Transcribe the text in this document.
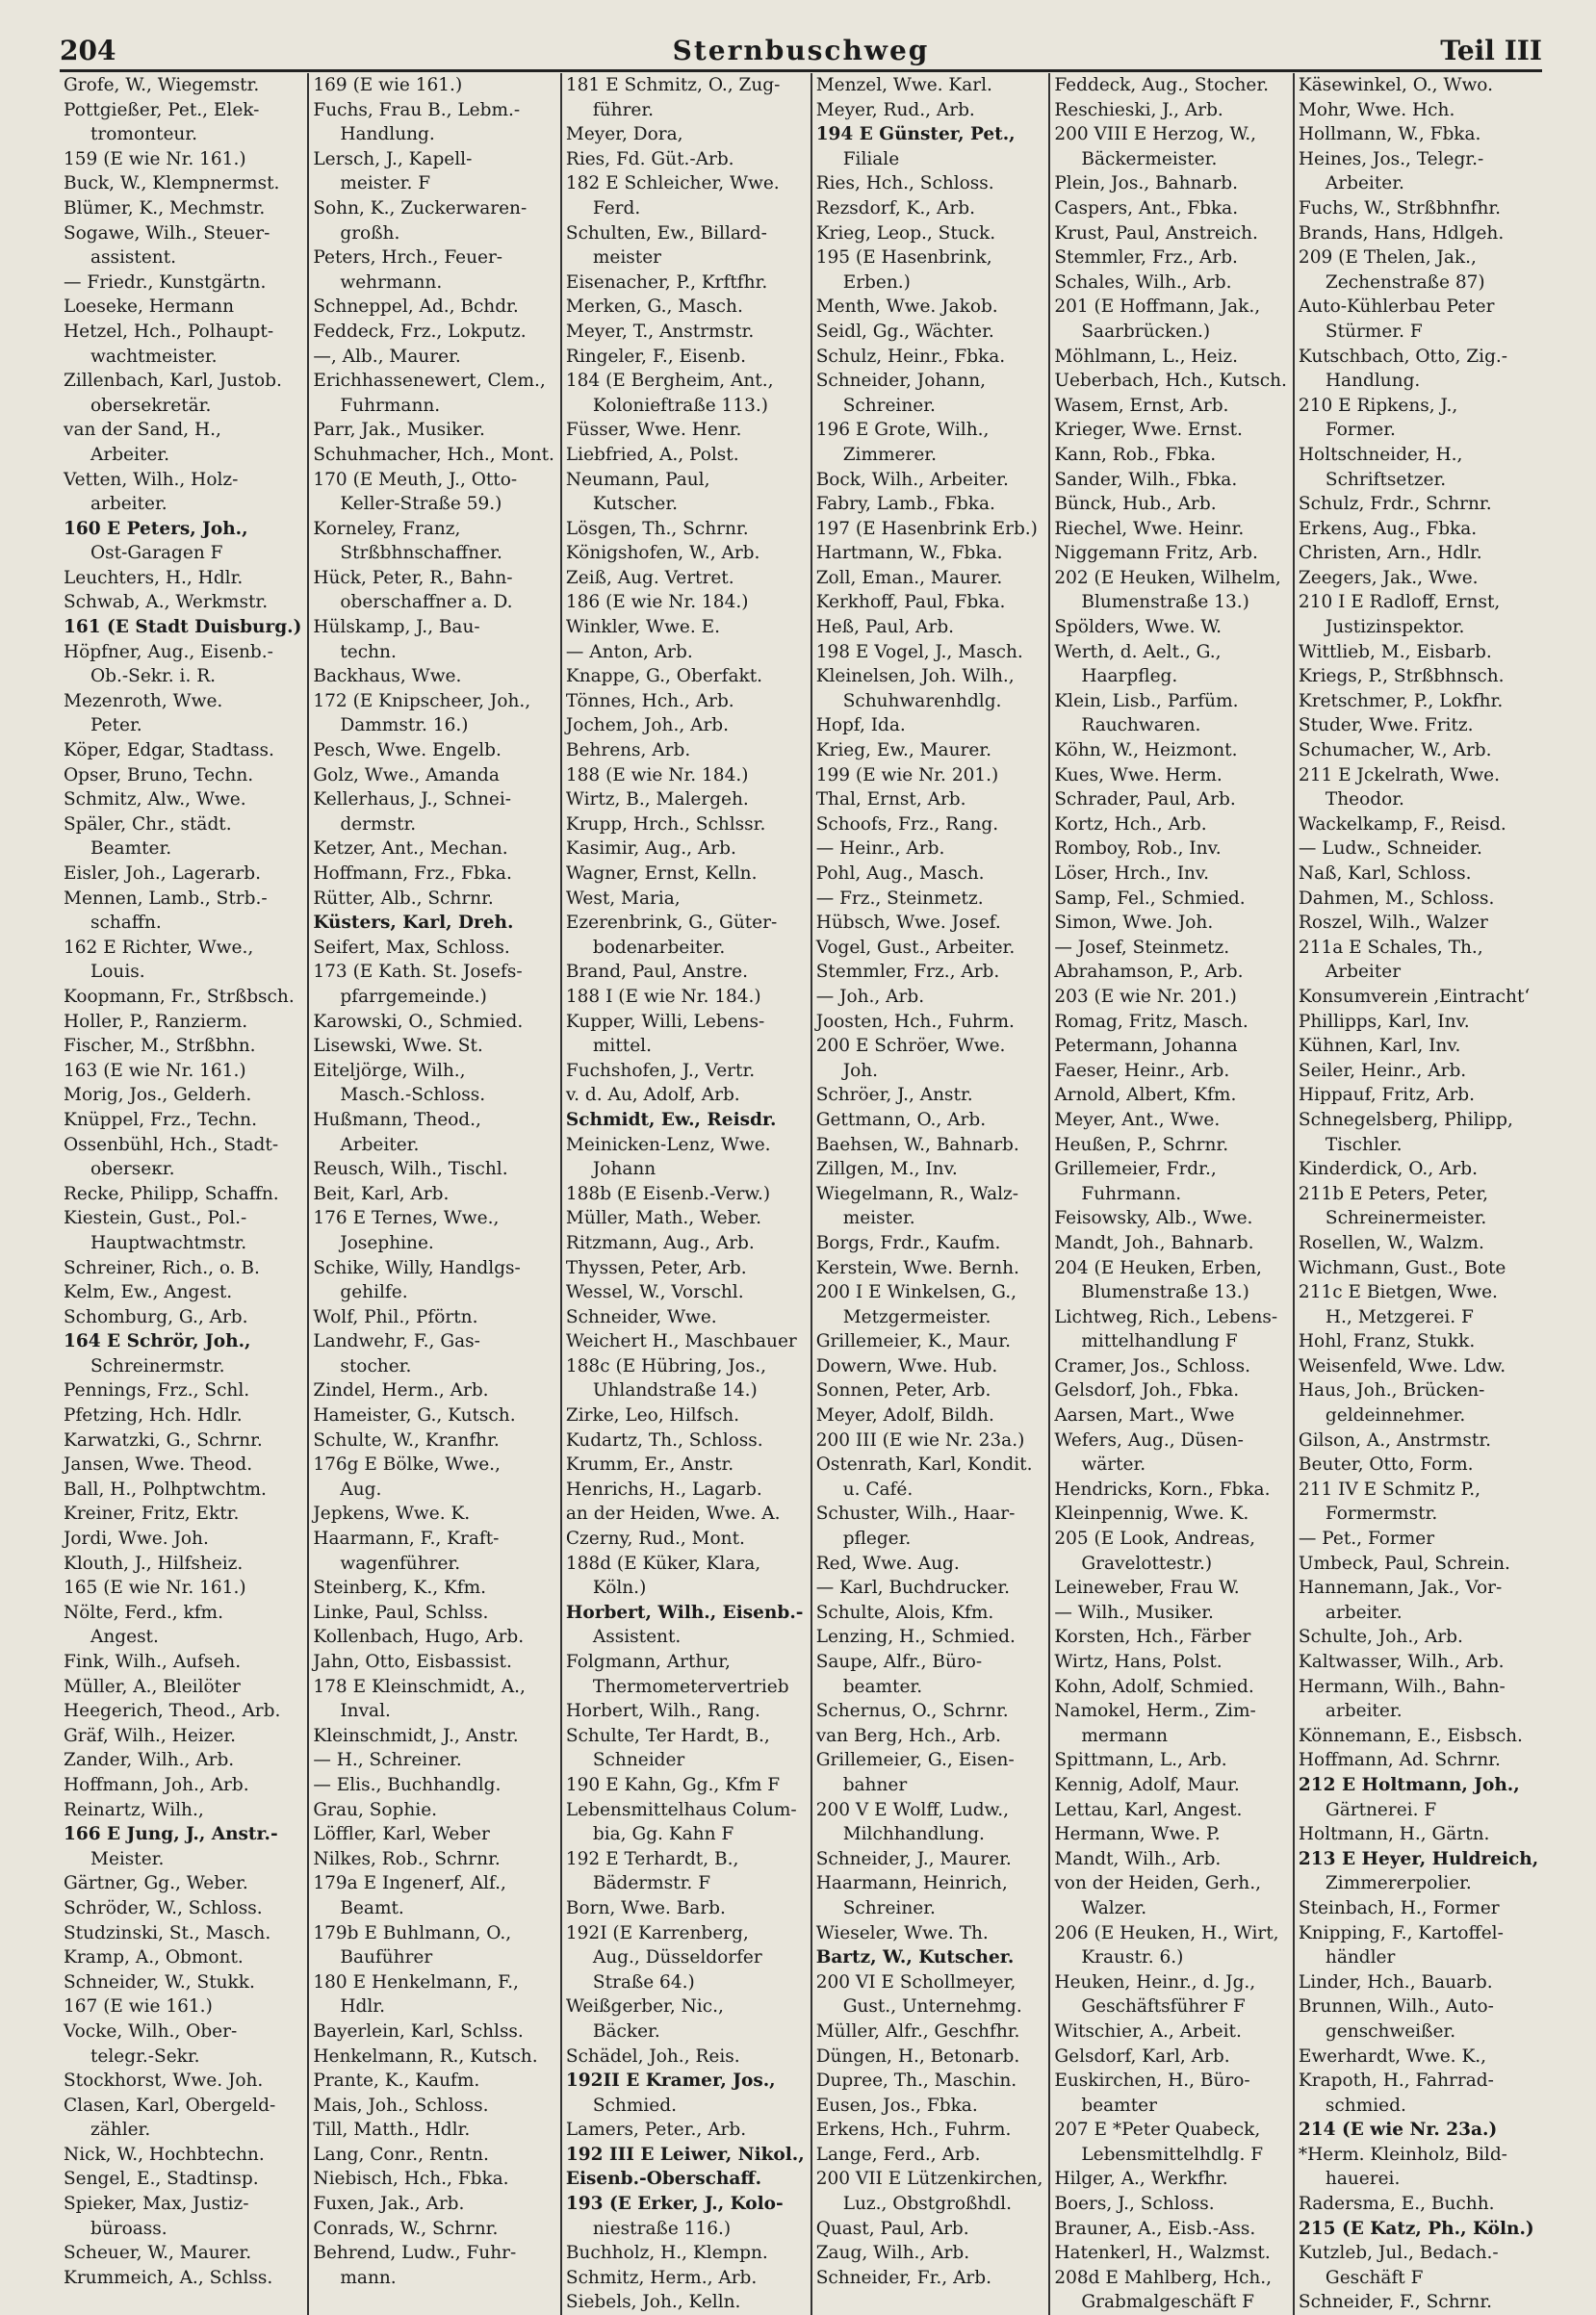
204	Sternbuschweg	Teil III
Grofe, W., Wiegemstr.
Pottgießer, Pet., Elek-
tromonteur.
159 (E wie Nr. 161.)
Buck, W., Klempnermst.
Blümer, K., Mechmstr.
Sogawe, Wilh., Steuer-
assistent.
— Friedr., Kunstgärtn.
Loeseke, Hermann
Hetzel, Hch., Polhaupt-
wachtmeister.
Zillenbach, Karl, Justob.
obersekretär.
van der Sand, H.,
Arbeiter.
Vetten, Wilh., Holz-
arbeiter.
160 E Peters, Joh.,
Ost-Garagen F
Leuchters, H., Hdlr.
Schwab, A., Werkmstr.
161 (E Stadt Duisburg.)
Höpfner, Aug., Eisenb.-
Ob.-Sekr. i. R.
Mezenroth, Wwe.
Peter.
Köper, Edgar, Stadtass.
Opser, Bruno, Techn.
Schmitz, Alw., Wwe.
Späler, Chr., städt.
Beamter.
Eisler, Joh., Lagerarb.
Mennen, Lamb., Strb.-
schaffn.
162 E Richter, Wwe.,
Louis.
Koopmann, Fr., Strßbsch.
Holler, P., Ranzierm.
Fischer, M., Strßbhn.
163 (E wie Nr. 161.)
Morig, Jos., Gelderh.
Knüppel, Frz., Techn.
Ossenbühl, Hch., Stadt-
oberseкr.
Recke, Philipp, Schaffn.
Kiestein, Gust., Pol.-
Hauptwachtmstr.
Schreiner, Rich., o. B.
Kelm, Ew., Angest.
Schomburg, G., Arb.
164 E Schrör, Joh.,
Schreinermstr.
Pennings, Frz., Schl.
Pfetzing, Hch. Hdlr.
Karwatzki, G., Schrnr.
Jansen, Wwe. Theod.
Ball, H., Polhptwchtm.
Kreiner, Fritz, Ektr.
Jordi, Wwe. Joh.
Klouth, J., Hilfsheiz.
165 (E wie Nr. 161.)
Nölte, Ferd., kfm.
Angest.
Fink, Wilh., Aufseh.
Müller, A., Bleilöter
Heegerich, Theod., Arb.
Gräf, Wilh., Heizer.
Zander, Wilh., Arb.
Hoffmann, Joh., Arb.
Reinartz, Wilh.,
166 E Jung, J., Anstr.-
Meister.
Gärtner, Gg., Weber.
Schröder, W., Schloss.
Studzinski, St., Masch.
Kramp, A., Obmont.
Schneider, W., Stukk.
167 (E wie 161.)
Vocke, Wilh., Ober-
telegr.-Sekr.
Stockhorst, Wwe. Joh.
Clasen, Karl, Obergeld-
zähler.
Nick, W., Hochbtechn.
Sengel, E., Stadtinsp.
Spieker, Max, Justiz-
büroass.
Scheuer, W., Maurer.
Krummeich, A., Schlss.
169 (E wie 161.)
Fuchs, Frau B., Lebm.-
Handlung.
Lersch, J., Kapell-
meister. F
Sohn, K., Zuckerwaren-
großh.
Peters, Hrch., Feuer-
wehrmann.
Schneppel, Ad., Bchdr.
Feddeck, Frz., Lokputz.
—, Alb., Maurer.
Erichhassenewert, Clem.,
Fuhrmann.
Parr, Jak., Musiker.
Schuhmacher, Hch., Mont.
170 (E Meuth, J., Otto-
Keller-Straße 59.)
Korneley, Franz,
Strßbhnschaffner.
Hück, Peter, R., Bahn-
oberschaffner a. D.
Hülskamp, J., Bau-
techn.
Backhaus, Wwe.
172 (E Knipscheer, Joh.,
Dammstr. 16.)
Pesch, Wwe. Engelb.
Golz, Wwe., Amanda
Kellerhaus, J., Schnei-
dermstr.
Ketzer, Ant., Mechan.
Hoffmann, Frz., Fbka.
Rütter, Alb., Schrnr.
Küsters, Karl, Dreh.
Seifert, Max, Schloss.
173 (E Kath. St. Josefs-
pfarrgemeinde.)
Karowski, O., Schmied.
Lisewski, Wwe. St.
Eiteljörge, Wilh.,
Masch.-Schloss.
Hußmann, Theod.,
Arbeiter.
Reusch, Wilh., Tischl.
Beit, Karl, Arb.
176 E Ternes, Wwe.,
Josephine.
Schike, Willy, Handlgs-
gehilfe.
Wolf, Phil., Pförtn.
Landwehr, F., Gas-
stocher.
Zindel, Herm., Arb.
Hameister, G., Kutsch.
Schulte, W., Kranfhr.
176g E Bölke, Wwe.,
Aug.
Jepkens, Wwe. K.
Haarmann, F., Kraft-
wagenführer.
Steinberg, K., Kfm.
Linke, Paul, Schlss.
Kollenbach, Hugo, Arb.
Jahn, Otto, Eisbassist.
178 E Kleinschmidt, A.,
Inval.
Kleinschmidt, J., Anstr.
— H., Schreiner.
— Elis., Buchhandlg.
Grau, Sophie.
Löffler, Karl, Weber
Nilkes, Rob., Schrnr.
179a E Ingenerf, Alf.,
Beamt.
179b E Buhlmann, O.,
Bauführer
180 E Henkelmann, F.,
Hdlr.
Bayerlein, Karl, Schlss.
Henkelmann, R., Kutsch.
Prante, K., Kaufm.
Mais, Joh., Schloss.
Till, Matth., Hdlr.
Lang, Conr., Rentn.
Niebisch, Hch., Fbka.
Fuxen, Jak., Arb.
Conrads, W., Schrnr.
Behrend, Ludw., Fuhr-
mann.
181 E Schmitz, O., Zug-
führer.
Meyer, Dora,
Ries, Fd. Güt.-Arb.
182 E Schleicher, Wwe.
Ferd.
Schulten, Ew., Billard-
meister
Eisenacher, P., Krftfhr.
Merken, G., Masch.
Meyer, T., Anstrmstr.
Ringeler, F., Eisenb.
184 (E Bergheim, Ant.,
Kolonieftraße 113.)
Füsser, Wwe. Henr.
Liebfried, A., Polst.
Neumann, Paul,
Kutscher.
Lösgen, Th., Schrnr.
Königshofen, W., Arb.
Zeiß, Aug. Vertret.
186 (E wie Nr. 184.)
Winkler, Wwe. E.
— Anton, Arb.
Knappe, G., Oberfakt.
Tönnes, Hch., Arb.
Jochem, Joh., Arb.
Behrens, Arb.
188 (E wie Nr. 184.)
Wirtz, B., Malergeh.
Krupp, Hrch., Schlssr.
Kasimir, Aug., Arb.
Wagner, Ernst, Kelln.
West, Maria,
Ezerenbrink, G., Güter-
bodenarbeiter.
Brand, Paul, Anstre.
188 I (E wie Nr. 184.)
Kupper, Willi, Lebens-
mittel.
Fuchshofen, J., Vertr.
v. d. Au, Adolf, Arb.
Schmidt, Ew., Reisdr.
Meinicken-Lenz, Wwe.
Johann
188b (E Eisenb.-Verw.)
Müller, Math., Weber.
Ritzmann, Aug., Arb.
Thyssen, Peter, Arb.
Wessel, W., Vorschl.
Schneider, Wwe.
Weichert H., Maschbauer
188c (E Hübring, Jos.,
Uhlandstraße 14.)
Zirke, Leo, Hilfsch.
Kudartz, Th., Schloss.
Krumm, Er., Anstr.
Henrichs, H., Lagarb.
an der Heiden, Wwe. A.
Czerny, Rud., Mont.
188d (E Küker, Klara,
Köln.)
Horbert, Wilh., Eisenb.-
Assistent.
Folgmann, Arthur,
Thermometervertrieb
Horbert, Wilh., Rang.
Schulte, Ter Hardt, B.,
Schneider
190 E Kahn, Gg., Kfm F
Lebensmittelhaus Colum-
bia, Gg. Kahn F
192 E Terhardt, B.,
Bädermstr. F
Born, Wwe. Barb.
192I (E Karrenberg,
Aug., Düsseldorfer
Straße 64.)
Weißgerber, Nic.,
Bäcker.
Schädel, Joh., Reis.
192II E Kramer, Jos.,
Schmied.
Lamers, Peter., Arb.
192 III E Leiwer, Nikol.,
Eisenb.-Oberschaff.
193 (E Erker, J., Kolo-
niestraße 116.)
Buchholz, H., Klempn.
Schmitz, Herm., Arb.
Siebels, Joh., Kelln.
Menzel, Wwe. Karl.
Meyer, Rud., Arb.
194 E Günster, Pet.,
Filiale
Ries, Hch., Schloss.
Rezsdorf, K., Arb.
Krieg, Leop., Stuck.
195 (E Hasenbrink,
Erben.)
Menth, Wwe. Jakob.
Seidl, Gg., Wächter.
Schulz, Heinr., Fbka.
Schneider, Johann,
Schreiner.
196 E Grote, Wilh.,
Zimmerer.
Bock, Wilh., Arbeiter.
Fabry, Lamb., Fbka.
197 (E Hasenbrink Erb.)
Hartmann, W., Fbka.
Zoll, Eman., Maurer.
Kerkhoff, Paul, Fbka.
Heß, Paul, Arb.
198 E Vogel, J., Masch.
Kleinelsen, Joh. Wilh.,
Schuhwarenhdlg.
Hopf, Ida.
Krieg, Ew., Maurer.
199 (E wie Nr. 201.)
Thal, Ernst, Arb.
Schoofs, Frz., Rang.
— Heinr., Arb.
Pohl, Aug., Masch.
— Frz., Steinmetz.
Hübsch, Wwe. Josef.
Vogel, Gust., Arbeiter.
Stemmler, Frz., Arb.
— Joh., Arb.
Joosten, Hch., Fuhrm.
200 E Schröer, Wwe.
Joh.
Schröer, J., Anstr.
Gettmann, O., Arb.
Baehsen, W., Bahnarb.
Zillgen, M., Inv.
Wiegelmann, R., Walz-
meister.
Borgs, Frdr., Kaufm.
Kerstein, Wwe. Bernh.
200 I E Winkelsen, G.,
Metzgermeister.
Grillemeier, K., Maur.
Dowern, Wwe. Hub.
Sonnen, Peter, Arb.
Meyer, Adolf, Bildh.
200 III (E wie Nr. 23a.)
Ostenrath, Karl, Kondit.
u. Café.
Schuster, Wilh., Haar-
pfleger.
Red, Wwe. Aug.
— Karl, Buchdrucker.
Schulte, Alois, Kfm.
Lenzing, H., Schmied.
Saupe, Alfr., Büro-
beamter.
Schernus, O., Schrnr.
van Berg, Hch., Arb.
Grillemeier, G., Eisen-
bahner
200 V E Wolff, Ludw.,
Milchhandlung.
Schneider, J., Maurer.
Haarmann, Heinrich,
Schreiner.
Wieseler, Wwe. Th.
Bartz, W., Kutscher.
200 VI E Schollmeyer,
Gust., Unternehmg.
Müller, Alfr., Geschfhr.
Düngen, H., Betonarb.
Dupree, Th., Maschin.
Eusen, Jos., Fbka.
Erkens, Hch., Fuhrm.
Lange, Ferd., Arb.
200 VII E Lützenkirchen,
Luz., Obstgroßhdl.
Quast, Paul, Arb.
Zaug, Wilh., Arb.
Schneider, Fr., Arb.
Feddeck, Aug., Stocher.
Reschieski, J., Arb.
200 VIII E Herzog, W.,
Bäckermeister.
Plein, Jos., Bahnarb.
Caspers, Ant., Fbka.
Krust, Paul, Anstreich.
Stemmler, Frz., Arb.
Schales, Wilh., Arb.
201 (E Hoffmann, Jak.,
Saarbrücken.)
Möhlmann, L., Heiz.
Ueberbach, Hch., Kutsch.
Wasem, Ernst, Arb.
Krieger, Wwe. Ernst.
Kann, Rob., Fbka.
Sander, Wilh., Fbka.
Bünck, Hub., Arb.
Riechel, Wwe. Heinr.
Niggemann Fritz, Arb.
202 (E Heuken, Wilhelm,
Blumenstraße 13.)
Spölders, Wwe. W.
Werth, d. Aelt., G.,
Haarpfleg.
Klein, Lisb., Parfüm.
Rauchwaren.
Köhn, W., Heizmont.
Kues, Wwe. Herm.
Schrader, Paul, Arb.
Kortz, Hch., Arb.
Romboy, Rob., Inv.
Löser, Hrch., Inv.
Samp, Fel., Schmied.
Simon, Wwe. Joh.
— Josef, Steinmetz.
Abrahamson, P., Arb.
203 (E wie Nr. 201.)
Romag, Fritz, Masch.
Petermann, Johanna
Faeser, Heinr., Arb.
Arnold, Albert, Kfm.
Meyer, Ant., Wwe.
Heußen, P., Schrnr.
Grillemeier, Frdr.,
Fuhrmann.
Feisowsky, Alb., Wwe.
Mandt, Joh., Bahnarb.
204 (E Heuken, Erben,
Blumenstraße 13.)
Lichtweg, Rich., Lebens-
mittelhandlung F
Cramer, Jos., Schloss.
Gelsdorf, Joh., Fbka.
Aarsen, Mart., Wwe
Wefers, Aug., Düsen-
wärter.
Hendricks, Korn., Fbka.
Kleinpennig, Wwe. K.
205 (E Look, Andreas,
Gravelottestr.)
Leineweber, Frau W.
— Wilh., Musiker.
Korsten, Hch., Färber
Wirtz, Hans, Polst.
Kohn, Adolf, Schmied.
Namokel, Herm., Zim-
mermann
Spittmann, L., Arb.
Kennig, Adolf, Maur.
Lettau, Karl, Angest.
Hermann, Wwe. P.
Mandt, Wilh., Arb.
von der Heiden, Gerh.,
Walzer.
206 (E Heuken, H., Wirt,
Kraustr. 6.)
Heuken, Heinr., d. Jg.,
Geschäftsführer F
Witschier, A., Arbeit.
Gelsdorf, Karl, Arb.
Euskirchen, H., Büro-
beamter
207 E *Peter Quabeck,
Lebensmittelhdlg. F
Hilger, A., Werkfhr.
Boers, J., Schloss.
Brauner, A., Eisb.-Ass.
Hatenkerl, H., Walzmst.
208d E Mahlberg, Hch.,
Grabmalgeschäft F
Käsewinkel, O., Wwo.
Mohr, Wwe. Hch.
Hollmann, W., Fbka.
Heines, Jos., Telegr.-
Arbeiter.
Fuchs, W., Strßbhnfhr.
Brands, Hans, Hdlgeh.
209 (E Thelen, Jak.,
Zechenstraße 87)
Auto-Kühlerbau Peter
Stürmer. F
Kutschbach, Otto, Zig.-
Handlung.
210 E Ripkens, J.,
Former.
Holtschneider, H.,
Schriftsetzer.
Schulz, Frdr., Schrnr.
Erkens, Aug., Fbka.
Christen, Arn., Hdlr.
Zeegers, Jak., Wwe.
210 I E Radloff, Ernst,
Justizinspektor.
Wittlieb, M., Eisbarb.
Kriegs, P., Strßbhnsch.
Kretschmer, P., Lokfhr.
Studer, Wwe. Fritz.
Schumacher, W., Arb.
211 E Jckelrath, Wwe.
Theodor.
Wackelkamp, F., Reisd.
— Ludw., Schneider.
Naß, Karl, Schloss.
Dahmen, M., Schloss.
Roszel, Wilh., Walzer
211a E Schales, Th.,
Arbeiter
Konsumverein ‚Eintracht‘
Phillipps, Karl, Inv.
Kühnen, Karl, Inv.
Seiler, Heinr., Arb.
Hippauf, Fritz, Arb.
Schnegelsberg, Philipp,
Tischler.
Kinderdick, O., Arb.
211b E Peters, Peter,
Schreinermeister.
Rosellen, W., Walzm.
Wichmann, Gust., Bote
211c E Bietgen, Wwe.
H., Metzgerei. F
Hohl, Franz, Stukk.
Weisenfeld, Wwe. Ldw.
Haus, Joh., Brücken-
geldeinnehmer.
Gilson, A., Anstrmstr.
Beuter, Otto, Form.
211 IV E Schmitz P.,
Formermstr.
— Pet., Former
Umbeck, Paul, Schrein.
Hannemann, Jak., Vor-
arbeiter.
Schulte, Joh., Arb.
Kaltwasser, Wilh., Arb.
Hermann, Wilh., Bahn-
arbeiter.
Könnemann, E., Eisbsch.
Hoffmann, Ad. Schrnr.
212 E Holtmann, Joh.,
Gärtnerei. F
Holtmann, H., Gärtn.
213 E Heyer, Huldreich,
Zimmererpolier.
Steinbach, H., Former
Knipping, F., Kartoffel-
händler
Linder, Hch., Bauarb.
Brunnen, Wilh., Auto-
genschweißer.
Ewerhardt, Wwe. K.,
Krapoth, H., Fahrrad-
schmied.
214 (E wie Nr. 23a.)
*Herm. Kleinholz, Bild-
hauerei.
Radersma, E., Buchh.
215 (E Katz, Ph., Köln.)
Kutzleb, Jul., Bedach.-
Geschäft F
Schneider, F., Schrnr.
